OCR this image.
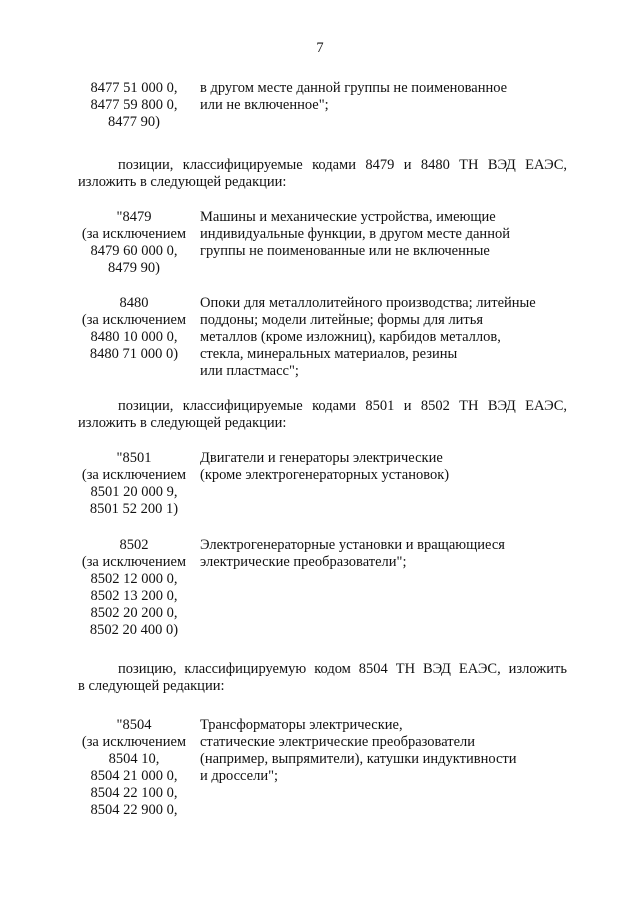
7
8477 51 000 0,
8477 59 800 0,
8477 90)
в другом месте данной группы не поименованное
или не включенное";
позиции, классифицируемые кодами 8479 и 8480 ТН ВЭД ЕАЭС,
изложить в следующей редакции:
"8479
(за исключением
8479 60 000 0,
8479 90)
Машины и механические устройства, имеющие
индивидуальные функции, в другом месте данной
группы не поименованные или не включенные
8480
(за исключением
8480 10 000 0,
8480 71 000 0)
Опоки для металлолитейного производства; литейные
поддоны; модели литейные; формы для литья
металлов (кроме изложниц), карбидов металлов,
стекла, минеральных материалов, резины
или пластмасс";
позиции, классифицируемые кодами 8501 и 8502 ТН ВЭД ЕАЭС,
изложить в следующей редакции:
"8501
(за исключением
8501 20 000 9,
8501 52 200 1)
Двигатели и генераторы электрические
(кроме электрогенераторных установок)
8502
(за исключением
8502 12 000 0,
8502 13 200 0,
8502 20 200 0,
8502 20 400 0)
Электрогенераторные установки и вращающиеся
электрические преобразователи";
позицию, классифицируемую кодом 8504 ТН ВЭД ЕАЭС, изложить
в следующей редакции:
"8504
(за исключением
8504 10,
8504 21 000 0,
8504 22 100 0,
8504 22 900 0,
Трансформаторы электрические,
статические электрические преобразователи
(например, выпрямители), катушки индуктивности
и дроссели";
